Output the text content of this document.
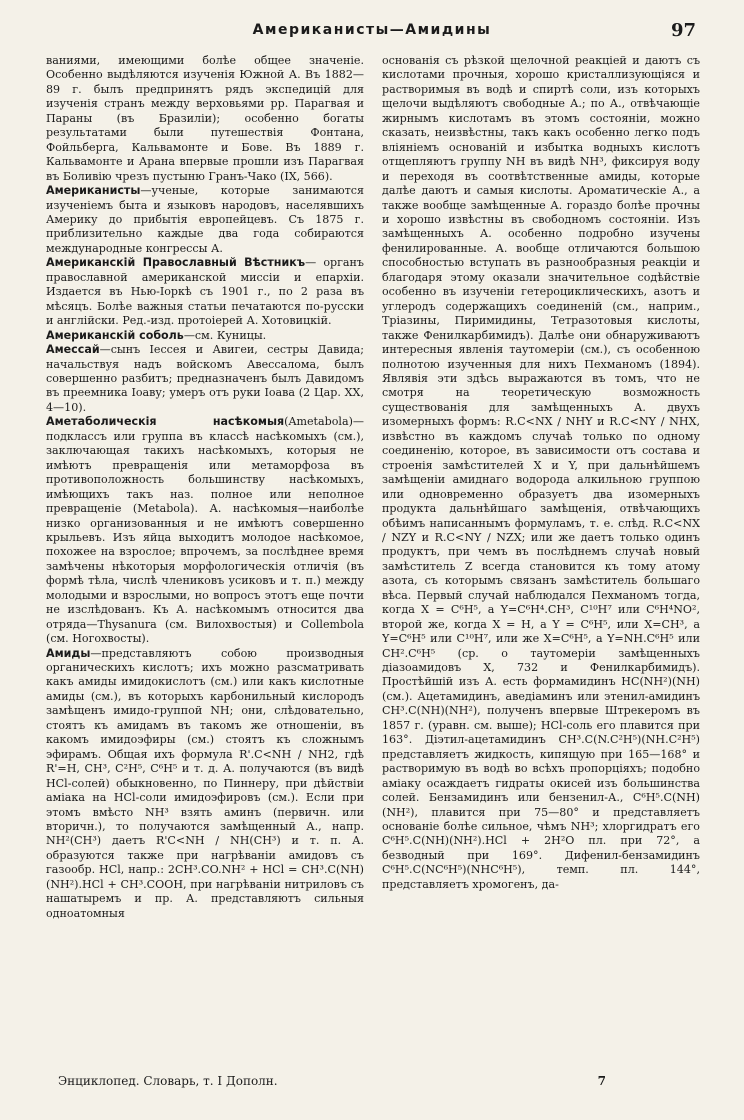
Американисты—Амидины	97

ваниями, имеющими болѣе общее значеніе. Особенно выдѣляются изученія Южной А. Въ 1882—89 г. былъ предпринятъ рядъ экспедицій для изученія странъ между верховьями рр. Парагвая и Параны (въ Бразиліи); особенно богаты результатами были путешествія Фонтана, Фойльберга, Кальвамонте и Бове. Въ 1889 г. Кальвамонте и Арана впервые прошли изъ Парагвая въ Боливію чрезъ пустыню Гранъ-Чако (IX, 566).

Американисты—ученые, которые занимаются изученіемъ быта и языковъ народовъ, населявшихъ Америку до прибытія европейцевъ. Съ 1875 г. приблизительно каждые два года собираются международные конгрессы А.

Американскій Православный Вѣстникъ— органъ православной американской миссіи и епархіи. Издается въ Нью-Іоркѣ съ 1901 г., по 2 раза въ мѣсяцъ. Болѣе важныя статьи печатаются по-русски и англійски. Ред.-изд. протоіерей А. Хотовицкій.

Американскій соболь—см. Куницы.

Амессай—сынъ Іессея и Авигеи, сестры Давида; начальствуя надъ войскомъ Авессалома, былъ совершенно разбитъ; предназначенъ былъ Давидомъ въ преемника Іоаву; умеръ отъ руки Іоава (2 Цар. XX, 4—10).

Аметаболическія насѣкомыя(Ametabola)—подклассъ или группа въ классѣ насѣкомыхъ (см.), заключающая такихъ насѣкомыхъ, которыя не имѣютъ превращенія или метаморфоза въ противоположность большинству насѣкомыхъ, имѣющихъ такъ наз. полное или неполное превращеніе (Metabola). А. насѣкомыя—наиболѣе низко организованныя и не имѣютъ совершенно крыльевъ. Изъ яйца выходитъ молодое насѣкомое, похожее на взрослое; впрочемъ, за послѣднее время замѣчены нѣкоторыя морфологическія отличія (въ формѣ тѣла, числѣ члениковъ усиковъ и т. п.) между молодыми и взрослыми, но вопросъ этотъ еще почти не изслѣдованъ. Къ А. насѣкомымъ относится два отряда—Thysanura (см. Вилохвостыя) и Collembola (см. Ногохвосты).

Амиды—представляютъ собою производныя органическихъ кислотъ; ихъ можно разсматривать какъ амиды имидокислотъ (см.) или какъ кислотные амиды (см.), въ которыхъ карбонильный кислородъ замѣщенъ имидо-группой NH; они, слѣдовательно, стоятъ къ амидамъ въ такомъ же отношеніи, въ какомъ имидоэфиры (см.) стоятъ къ сложнымъ эфирамъ. Общая ихъ формула R'.C<NH / NH2, гдѣ R'=H, CH³, C²H⁵, C⁶H⁵ и т. д. А. получаются (въ видѣ HCl-солей) обыкновенно, по Пиннеру, при дѣйствіи аміака на HCl-соли имидоэфировъ (см.). Если при этомъ вмѣсто NH³ взять аминъ (первичн. или вторичн.), то получаются замѣщенный А., напр. NH²(CH³) даетъ R'C<NH / NH(CH³) и т. п. А. образуются также при нагрѣваніи амидовъ съ газообр. HCl, напр.: 2CH³.CO.NH² + HCl = CH³.C(NH)(NH²).HCl + CH³.COOH, при нагрѣваніи нитриловъ съ нашатыремъ и пр. А. представляютъ сильныя одноатомныя

основанія съ рѣзкой щелочной реакціей и даютъ съ кислотами прочныя, хорошо кристаллизующіяся и растворимыя въ водѣ и спиртѣ соли, изъ которыхъ щелочи выдѣляютъ свободные А.; по А., отвѣчающіе жирнымъ кислотамъ въ этомъ состояніи, можно сказать, неизвѣстны, такъ какъ особенно легко подъ вліяніемъ основаній и избытка водныхъ кислотъ отщепляютъ группу NH въ видѣ NH³, фиксируя воду и переходя въ соотвѣтственные амиды, которые далѣе даютъ и самыя кислоты. Ароматическіе А., а также вообще замѣщенные А. гораздо болѣе прочны и хорошо извѣстны въ свободномъ состояніи. Изъ замѣщенныхъ А. особенно подробно изучены фенилированные. А. вообще отличаются большою способностью вступать въ разнообразныя реакціи и благодаря этому оказали значительное содѣйствіе особенно въ изученіи гетероциклическихъ, азотъ и углеродъ содержащихъ соединеній (см., наприм., Тріазины, Пиримидины, Тетразотовыя кислоты, также Фенилкарбимидъ). Далѣе они обнаруживаютъ интересныя явленія таутомеріи (см.), съ особенною полнотою изученныя для нихъ Пехманомъ (1894). Являвія эти здѣсь выражаются въ томъ, что не смотря на теоретическую возможность существованія для замѣщенныхъ А. двухъ изомерныхъ формъ: R.C<NX / NHY и R.C<NY / NHX, извѣстно въ каждомъ случаѣ только по одному соединенію, которое, въ зависимости отъ состава и строенія замѣстителей X и Y, при дальнѣйшемъ замѣщеніи амиднаго водорода алкильною группою или одновременно образуетъ два изомерныхъ продукта дальнѣйшаго замѣщенія, отвѣчающихъ обѣимъ написаннымъ формуламъ, т. е. слѣд. R.C<NX / NZY и R.C<NY / NZX; или же даетъ только одинъ продуктъ, при чемъ въ послѣднемъ случаѣ новый замѣститель Z всегда становится къ тому атому азота, съ которымъ связанъ замѣститель большаго вѣса. Первый случай наблюдался Пехманомъ тогда, когда X = C⁶H⁵, а Y=C⁶H⁴.CH³, C¹⁰H⁷ или C⁶H⁴NO², второй же, когда X = H, а Y = C⁶H⁵, или X=CH³, а Y=C⁶H⁵ или C¹⁰H⁷, или же X=C⁶H⁵, а Y=NH.C⁶H⁵ или CH².C⁶H⁵ (ср. о таутомеріи замѣщенныхъ діазоамидовъ X, 732 и Фенилкарбимидъ). Простѣйшій изъ А. есть формамидинъ HC(NH²)(NH) (см.). Ацетамидинъ, аведіаминъ или этенил-амидинъ CH³.C(NH)(NH²), полученъ впервые Штрекеромъ въ 1857 г. (уравн. см. выше); HCl-соль его плавится при 163°. Діэтил-ацетамидинъ CH³.C(N.C²H⁵)(NH.C²H⁵) представляетъ жидкость, кипящую при 165—168° и растворимую въ водѣ во всѣхъ пропорціяхъ; подобно аміаку осаждаетъ гидраты окисей изъ большинства солей. Бензамидинъ или бензенил-А., C⁶H⁵.C(NH)(NH²), плавится при 75—80° и представляетъ основаніе болѣе сильное, чѣмъ NH³; хлоргидратъ его C⁶H⁵.C(NH)(NH²).HCl + 2H²O пл. при 72°, а безводный при 169°. Дифенил-бензамидинъ C⁶H⁵.C(NC⁶H⁵)(NHC⁶H⁵), темп. пл. 144°, представляетъ хромогенъ, да-

Энциклопед. Словарь, т. I Дополн.	7
